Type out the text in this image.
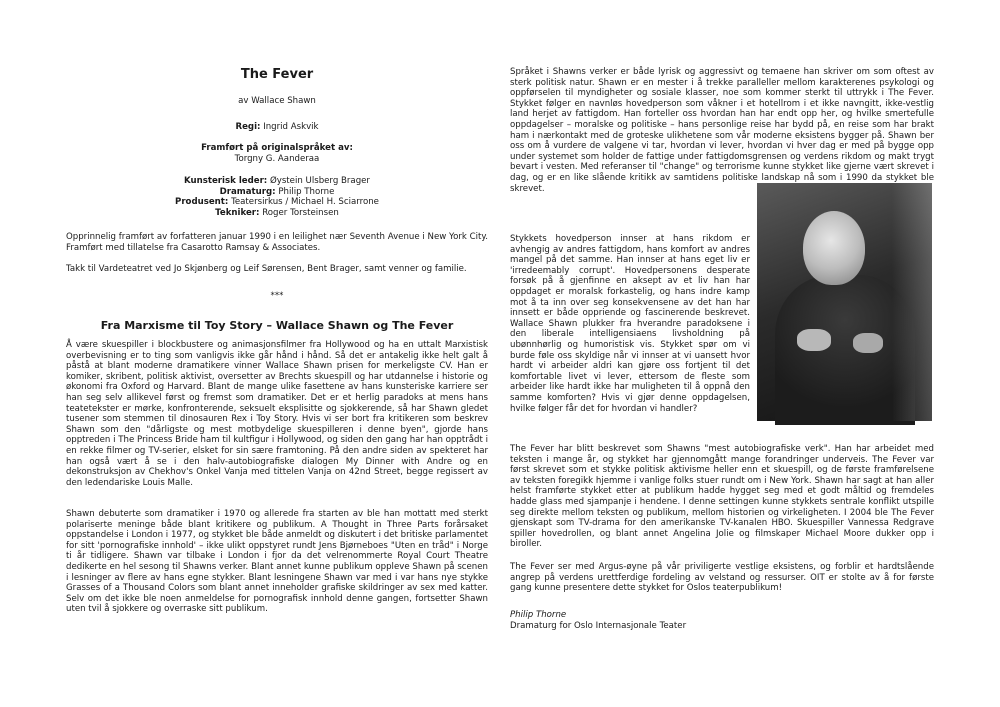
The Fever
av Wallace Shawn
Regi: Ingrid Askvik
Framført på originalspråket av:
Torgny G. Aanderaa
Kunsterisk leder: Øystein Ulsberg Brager
Dramaturg: Philip Thorne
Produsent: Teatersirkus / Michael H. Sciarrone
Tekniker: Roger Torsteinsen
Opprinnelig framført av forfatteren januar 1990 i en leilighet nær Seventh Avenue i New York City. Framført med tillatelse fra Casarotto Ramsay & Associates.
Takk til Vardeteatret ved Jo Skjønberg og Leif Sørensen, Bent Brager, samt venner og familie.
***
Fra Marxisme til Toy Story – Wallace Shawn og The Fever
Å være skuespiller i blockbustere og animasjonsfilmer fra Hollywood og ha en uttalt Marxistisk overbevisning er to ting som vanligvis ikke går hånd i hånd. Så det er antakelig ikke helt galt å påstå at blant moderne dramatikere vinner Wallace Shawn prisen for merkeligste CV. Han er komiker, skribent, politisk aktivist, oversetter av Brechts skuespill og har utdannelse i historie og økonomi fra Oxford og Harvard. Blant de mange ulike fasettene av hans kunsteriske karriere ser han seg selv allikevel først og fremst som dramatiker. Det er et herlig paradoks at mens hans teatetekster er mørke, konfronterende, seksuelt eksplisitte og sjokkerende, så har Shawn gledet tusener som stemmen til dinosauren Rex i Toy Story. Hvis vi ser bort fra kritikeren som beskrev Shawn som den "dårligste og mest motbydelige skuespilleren i denne byen", gjorde hans opptreden i The Princess Bride ham til kultfigur i Hollywood, og siden den gang har han opptrådt i en rekke filmer og TV-serier, elsket for sin sære framtoning. På den andre siden av spekteret har han også vært å se i den halv-autobiografiske dialogen My Dinner with Andre og en dekonstruksjon av Chekhov's Onkel Vanja med tittelen Vanja on 42nd Street, begge regissert av den ledendariske Louis Malle.
Shawn debuterte som dramatiker i 1970 og allerede fra starten av ble han mottatt med sterkt polariserte meninge både blant kritikere og publikum. A Thought in Three Parts forårsaket oppstandelse i London i 1977, og stykket ble både anmeldt og diskutert i det britiske parlamentet for sitt 'pornografiske innhold' – ikke ulikt oppstyret rundt Jens Bjørneboes "Uten en tråd" i Norge ti år tidligere. Shawn var tilbake i London i fjor da det velrenommerte Royal Court Theatre dedikerte en hel sesong til Shawns verker. Blant annet kunne publikum oppleve Shawn på scenen i lesninger av flere av hans egne stykker. Blant lesningene Shawn var med i var hans nye stykke Grasses of a Thousand Colors som blant annet inneholder grafiske skildringer av sex med katter. Selv om det ikke ble noen anmeldelse for pornografisk innhold denne gangen, fortsetter Shawn uten tvil å sjokkere og overraske sitt publikum.
Språket i Shawns verker er både lyrisk og aggressivt og temaene han skriver om som oftest av sterk politisk natur. Shawn er en mester i å trekke paralleller mellom karakterenes psykologi og oppførselen til myndigheter og sosiale klasser, noe som kommer sterkt til uttrykk i The Fever. Stykket følger en navnløs hovedperson som våkner i et hotellrom i et ikke navngitt, ikke-vestlig land herjet av fattigdom. Han forteller oss hvordan han har endt opp her, og hvilke smertefulle oppdagelser – moralske og politiske – hans personlige reise har bydd på, en reise som har brakt ham i nærkontakt med de groteske ulikhetene som vår moderne eksistens bygger på. Shawn ber oss om å vurdere de valgene vi tar, hvordan vi lever, hvordan vi hver dag er med på bygge opp under systemet som holder de fattige under fattigdomsgrensen og verdens rikdom og makt trygt bevart i vesten. Med referanser til "change" og terrorisme kunne stykket like gjerne vært skrevet i dag, og er en like slående kritikk av samtidens politiske landskap nå som i 1990 da stykket ble skrevet.
Stykkets hovedperson innser at hans rikdom er avhengig av andres fattigdom, hans komfort av andres mangel på det samme. Han innser at hans eget liv er 'irredeemably corrupt'. Hovedpersonens desperate forsøk på å gjenfinne en aksept av et liv han har oppdaget er moralsk forkastelig, og hans indre kamp mot å ta inn over seg konsekvensene av det han har innsett er både oppriende og fascinerende beskrevet. Wallace Shawn plukker fra hverandre paradoksene i den liberale intelligensiaens livsholdning på ubønnhørlig og humoristisk vis. Stykket spør om vi burde føle oss skyldige når vi innser at vi uansett hvor hardt vi arbeider aldri kan gjøre oss fortjent til det komfortable livet vi lever, ettersom de fleste som arbeider like hardt ikke har muligheten til å oppnå den samme komforten? Hvis vi gjør denne oppdagelsen, hvilke følger får det for hvordan vi handler?
The Fever har blitt beskrevet som Shawns "mest autobiografiske verk". Han har arbeidet med teksten i mange år, og stykket har gjennomgått mange forandringer underveis. The Fever var først skrevet som et stykke politisk aktivisme heller enn et skuespill, og de første framførelsene av teksten foregikk hjemme i vanlige folks stuer rundt om i New York. Shawn har sagt at han aller helst framførte stykket etter at publikum hadde hygget seg med et godt måltid og fremdeles hadde glass med sjampanje i hendene. I denne settingen kunne stykkets sentrale konflikt utspille seg direkte mellom teksten og publikum, mellom historien og virkeligheten. I 2004 ble The Fever gjenskapt som TV-drama for den amerikanske TV-kanalen HBO. Skuespiller Vannessa Redgrave spiller hovedrollen, og blant annet Angelina Jolie og filmskaper Michael Moore dukker opp i biroller.
The Fever ser med Argus-øyne på vår priviligerte vestlige eksistens, og forblir et hardtslående angrep på verdens urettferdige fordeling av velstand og ressurser. OIT er stolte av å for første gang kunne presentere dette stykket for Oslos teaterpublikum!
Philip Thorne
Dramaturg for Oslo Internasjonale Teater
